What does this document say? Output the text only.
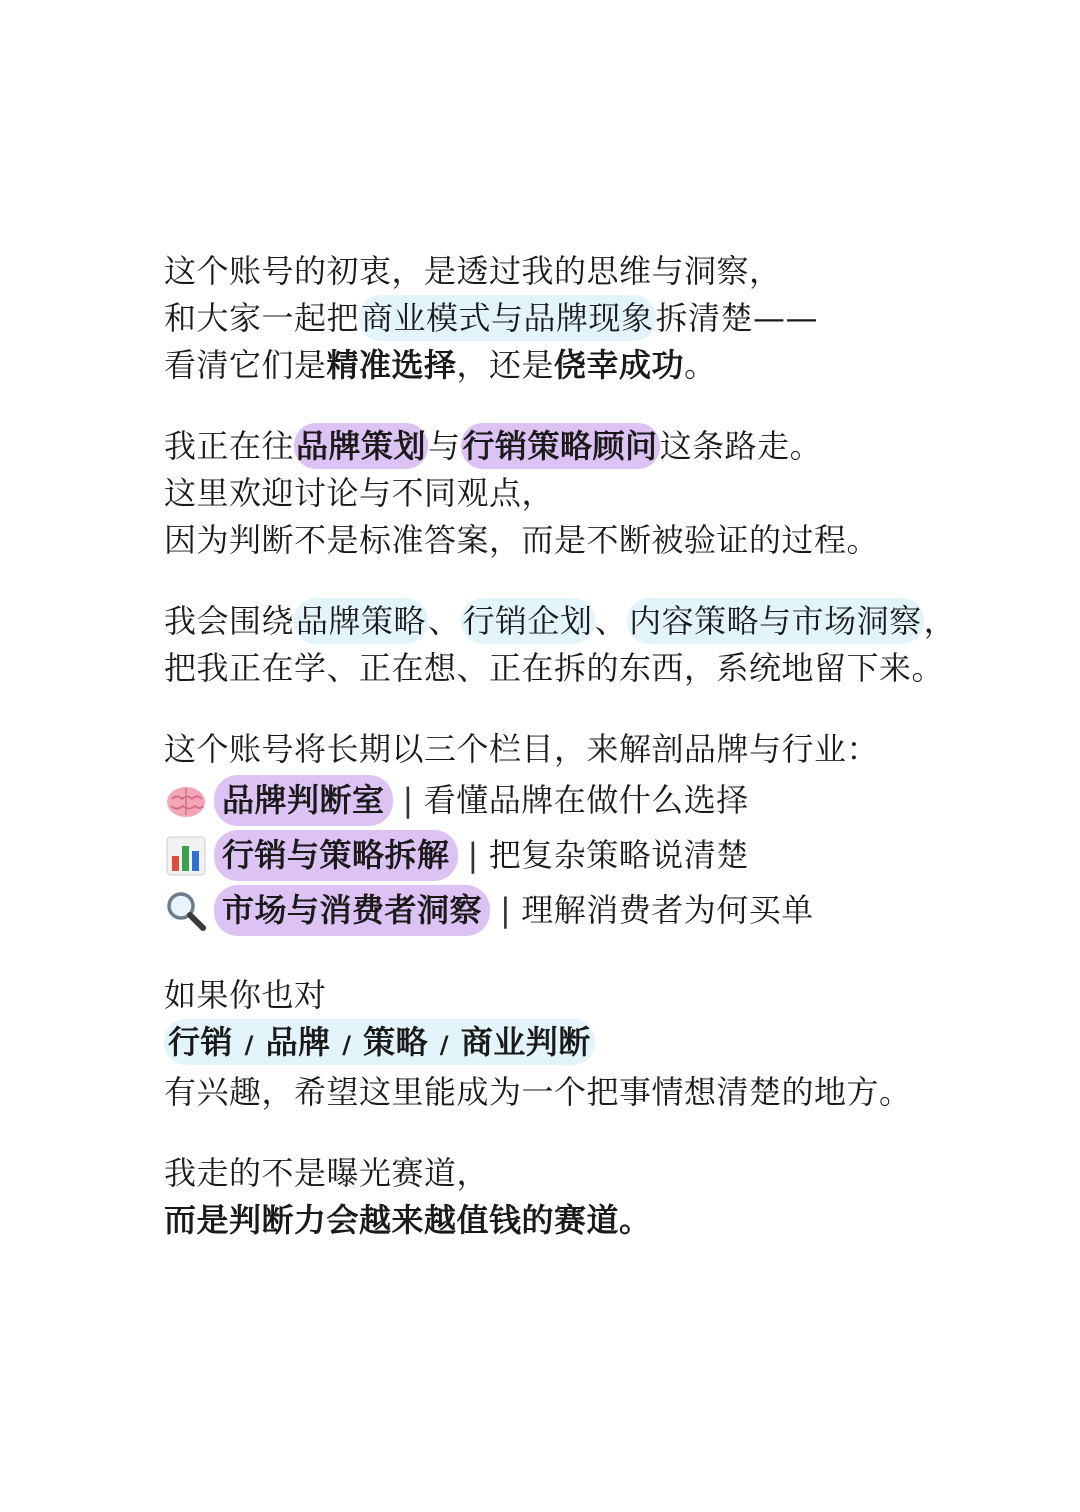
这个账号的初衷，是透过我的思维与洞察，
和大家一起把商业模式与品牌现象拆清楚——
看清它们是精准选择，还是侥幸成功。

我正在往品牌策划与行销策略顾问这条路走。
这里欢迎讨论与不同观点，
因为判断不是标准答案，而是不断被验证的过程。

我会围绕品牌策略、行销企划、内容策略与市场洞察，
把我正在学、正在想、正在拆的东西，系统地留下来。

这个账号将长期以三个栏目，来解剖品牌与行业：
品牌判断室 | 看懂品牌在做什么选择
行销与策略拆解 | 把复杂策略说清楚
市场与消费者洞察 | 理解消费者为何买单

如果你也对
行销 / 品牌 / 策略 / 商业判断
有兴趣，希望这里能成为一个把事情想清楚的地方。

我走的不是曝光赛道，
而是判断力会越来越值钱的赛道。
